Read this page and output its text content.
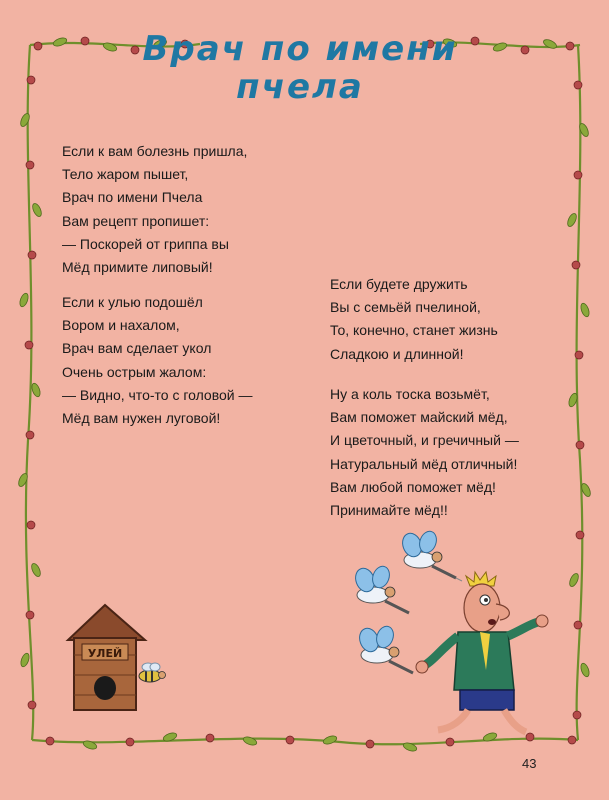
Врач по имени
пчела
Если к вам болезнь пришла,
Тело жаром пышет,
Врач по имени Пчела
Вам рецепт пропишет:
— Поскорей от гриппа вы
Мёд примите липовый!
Если к улью подошёл
Вором и нахалом,
Врач вам сделает укол
Очень острым жалом:
— Видно, что-то с головой —
Мёд вам нужен луговой!
Если будете дружить
Вы с семьёй пчелиной,
То, конечно, станет жизнь
Сладкою и длинной!
Ну а коль тоска возьмёт,
Вам поможет майский мёд,
И цветочный, и гречичный —
Натуральный мёд отличный!
Вам любой поможет мёд!
Принимайте мёд!!
УЛЕЙ
43
